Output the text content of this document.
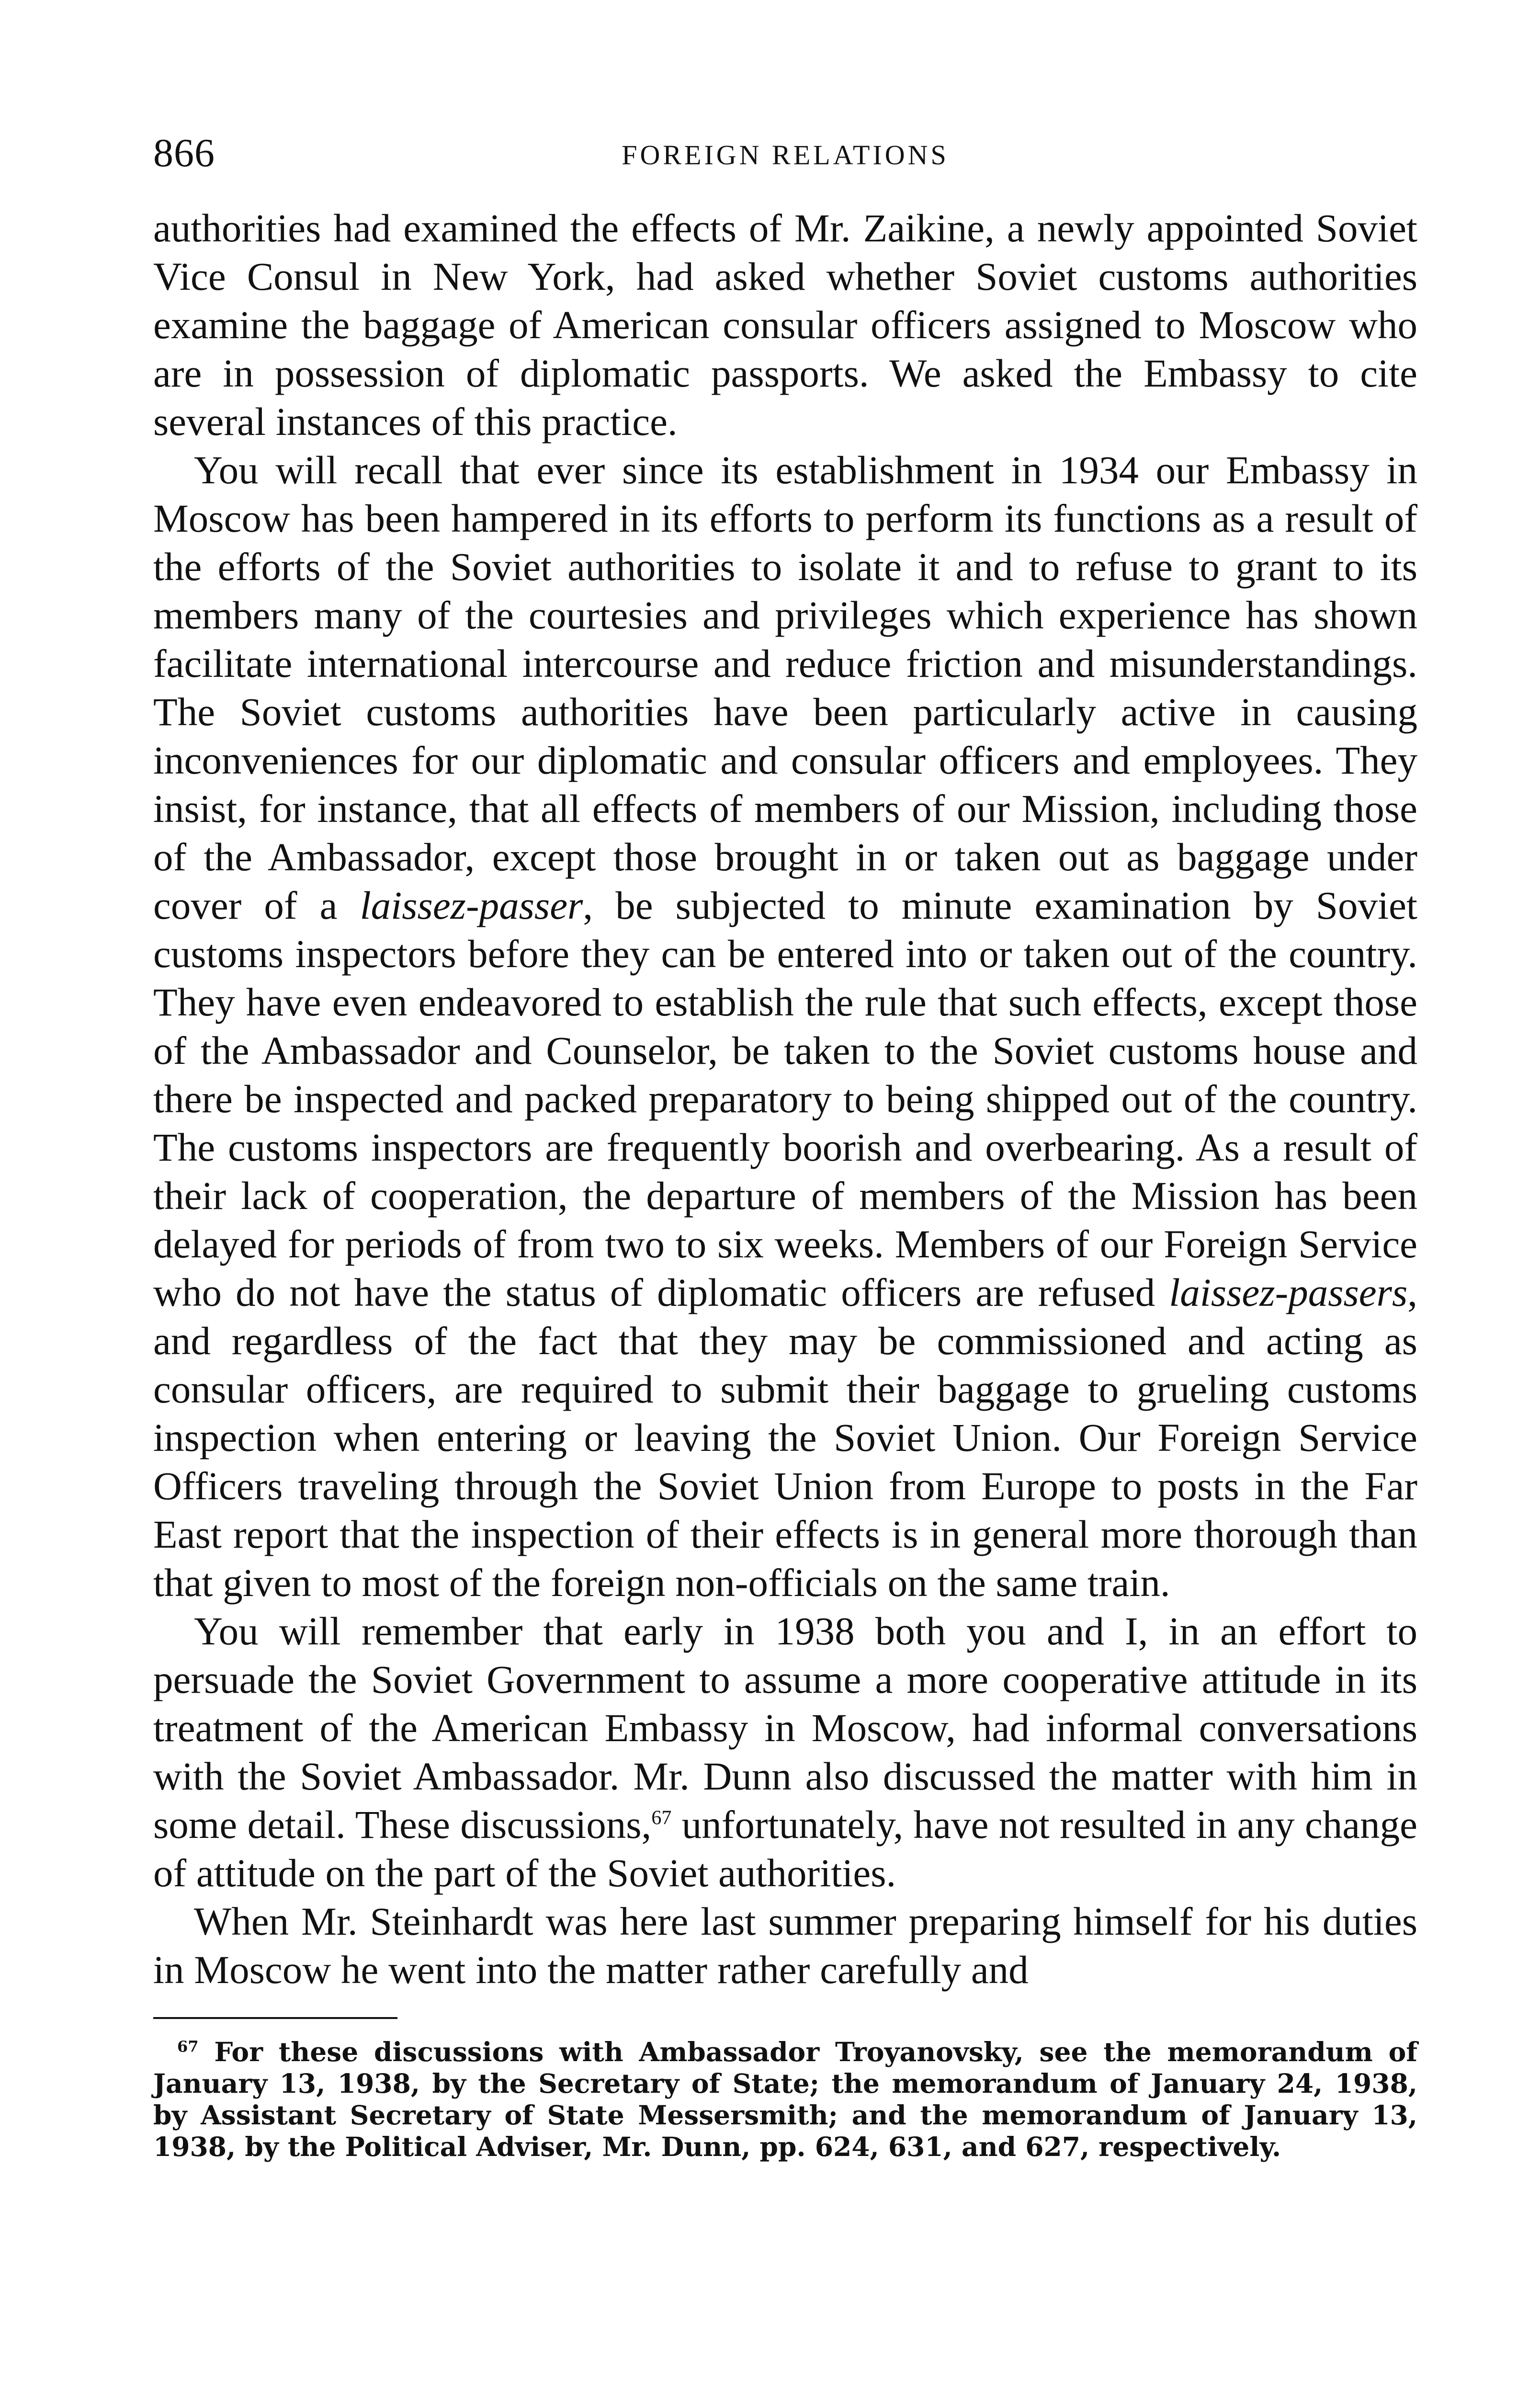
866	FOREIGN RELATIONS

authorities had examined the effects of Mr. Zaikine, a newly appointed Soviet Vice Consul in New York, had asked whether Soviet customs authorities examine the baggage of American consular officers assigned to Moscow who are in possession of diplomatic passports. We asked the Embassy to cite several instances of this practice.

You will recall that ever since its establishment in 1934 our Embassy in Moscow has been hampered in its efforts to perform its functions as a result of the efforts of the Soviet authorities to isolate it and to refuse to grant to its members many of the courtesies and privileges which experience has shown facilitate international intercourse and reduce friction and misunderstandings. The Soviet customs authorities have been particularly active in causing inconveniences for our diplomatic and consular officers and employees. They insist, for instance, that all effects of members of our Mission, including those of the Ambassador, except those brought in or taken out as baggage under cover of a laissez-passer, be subjected to minute examination by Soviet customs inspectors before they can be entered into or taken out of the country. They have even endeavored to establish the rule that such effects, except those of the Ambassador and Counselor, be taken to the Soviet customs house and there be inspected and packed preparatory to being shipped out of the country. The customs inspectors are frequently boorish and overbearing. As a result of their lack of cooperation, the departure of members of the Mission has been delayed for periods of from two to six weeks. Members of our Foreign Service who do not have the status of diplomatic officers are refused laissez-passers, and regardless of the fact that they may be commissioned and acting as consular officers, are required to submit their baggage to grueling customs inspection when entering or leaving the Soviet Union. Our Foreign Service Officers traveling through the Soviet Union from Europe to posts in the Far East report that the inspection of their effects is in general more thorough than that given to most of the foreign non-officials on the same train.

You will remember that early in 1938 both you and I, in an effort to persuade the Soviet Government to assume a more cooperative attitude in its treatment of the American Embassy in Moscow, had informal conversations with the Soviet Ambassador. Mr. Dunn also discussed the matter with him in some detail. These discussions,$^{67}$ unfortunately, have not resulted in any change of attitude on the part of the Soviet authorities.

When Mr. Steinhardt was here last summer preparing himself for his duties in Moscow he went into the matter rather carefully and

$^{67}$ For these discussions with Ambassador Troyanovsky, see the memorandum of January 13, 1938, by the Secretary of State; the memorandum of January 24, 1938, by Assistant Secretary of State Messersmith; and the memorandum of January 13, 1938, by the Political Adviser, Mr. Dunn, pp. 624, 631, and 627, respectively.
